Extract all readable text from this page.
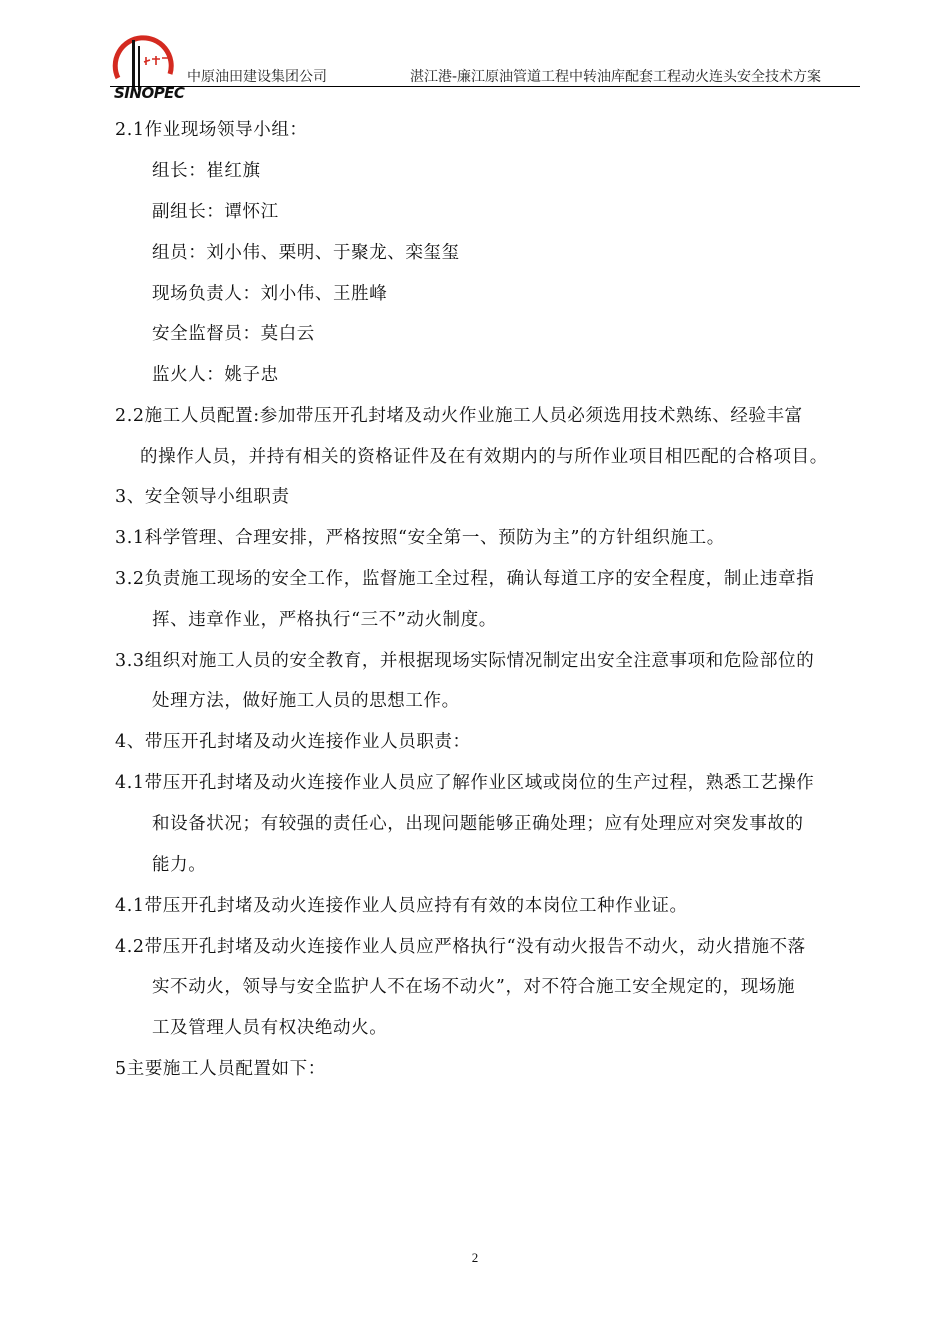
SINOPEC
中原油田建设集团公司	湛江港-廉江原油管道工程中转油库配套工程动火连头安全技术方案
2.1作业现场领导小组：
组长：崔红旗
副组长：谭怀江
组员：刘小伟、栗明、于聚龙、栾玺玺
现场负责人：刘小伟、王胜峰
安全监督员：莫白云
监火人：姚子忠
2.2施工人员配置:参加带压开孔封堵及动火作业施工人员必须选用技术熟练、经验丰富
的操作人员，并持有相关的资格证件及在有效期内的与所作业项目相匹配的合格项目。
3、安全领导小组职责
3.1科学管理、合理安排，严格按照“安全第一、预防为主”的方针组织施工。
3.2负责施工现场的安全工作，监督施工全过程，确认每道工序的安全程度，制止违章指
挥、违章作业，严格执行“三不”动火制度。
3.3组织对施工人员的安全教育，并根据现场实际情况制定出安全注意事项和危险部位的
处理方法，做好施工人员的思想工作。
4、带压开孔封堵及动火连接作业人员职责：
4.1带压开孔封堵及动火连接作业人员应了解作业区域或岗位的生产过程，熟悉工艺操作
和设备状况；有较强的责任心，出现问题能够正确处理；应有处理应对突发事故的
能力。
4.1带压开孔封堵及动火连接作业人员应持有有效的本岗位工种作业证。
4.2带压开孔封堵及动火连接作业人员应严格执行“没有动火报告不动火，动火措施不落
实不动火，领导与安全监护人不在场不动火”，对不符合施工安全规定的，现场施
工及管理人员有权决绝动火。
5主要施工人员配置如下：
2
